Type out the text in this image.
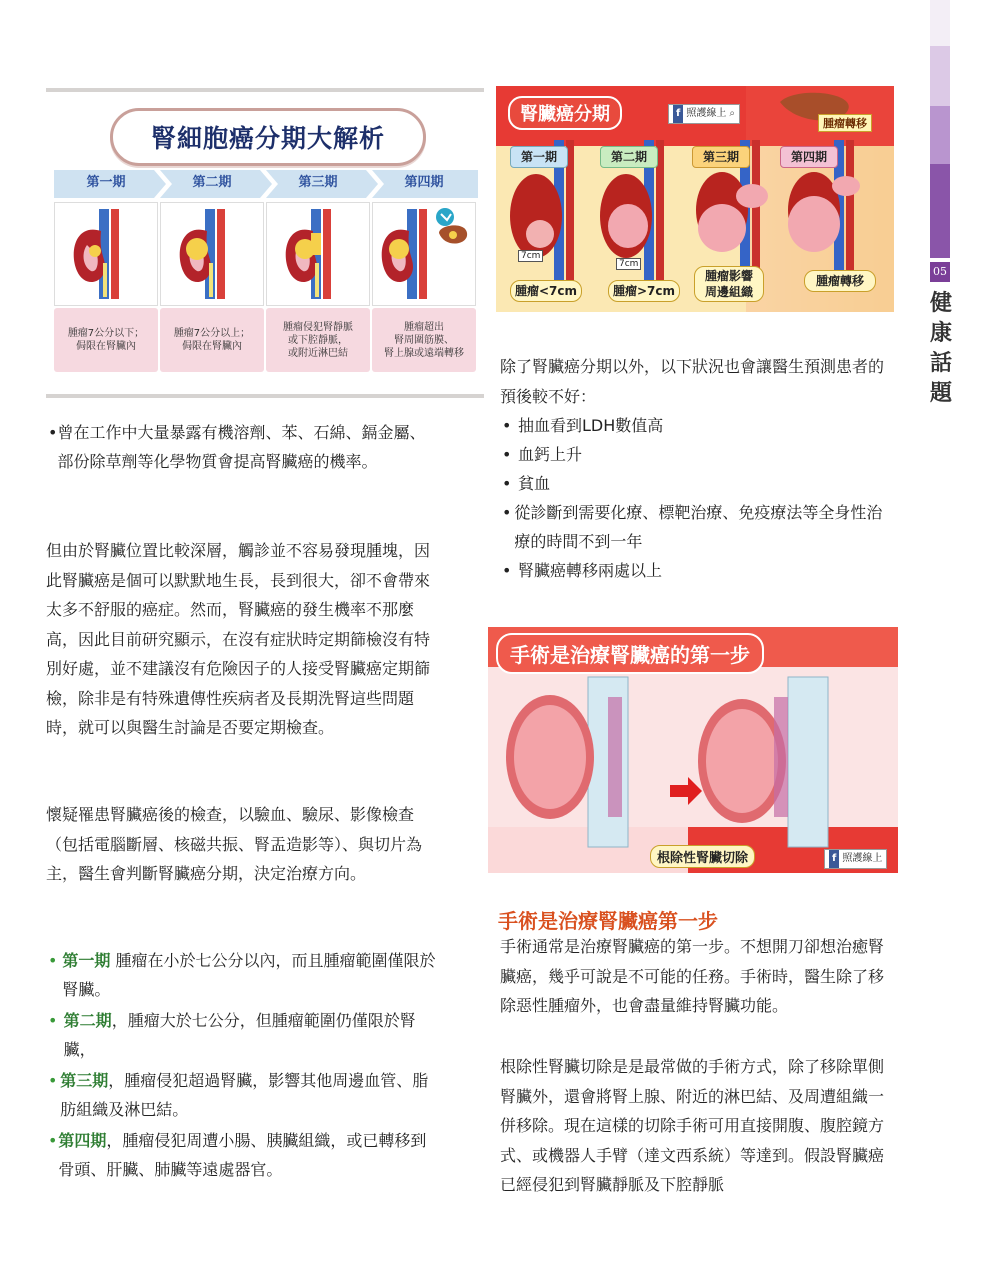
05
健
康
話
題
腎細胞癌分期大解析
第一期
腫瘤7公分以下；
侷限在腎臟內
第二期
腫瘤7公分以上；
侷限在腎臟內
第三期
腫瘤侵犯腎靜脈
或下腔靜脈，
或附近淋巴結
第四期
腫瘤超出
腎周圍筋膜、
腎上腺或遠端轉移
• 曾在工作中大量暴露有機溶劑、苯、石綿、鎘金屬、部份除草劑等化學物質會提高腎臟癌的機率。
但由於腎臟位置比較深層，觸診並不容易發現腫塊，因此腎臟癌是個可以默默地生長，長到很大，卻不會帶來太多不舒服的癌症。然而，腎臟癌的發生機率不那麼高，因此目前研究顯示，在沒有症狀時定期篩檢沒有特別好處，並不建議沒有危險因子的人接受腎臟癌定期篩檢，除非是有特殊遺傳性疾病者及長期洗腎這些問題時，就可以與醫生討論是否要定期檢查。
懷疑罹患腎臟癌後的檢查，以驗血、驗尿、影像檢查（包括電腦斷層、核磁共振、腎盂造影等）、與切片為主，醫生會判斷腎臟癌分期，決定治療方向。
• 第一期 腫瘤在小於七公分以內，而且腫瘤範圍僅限於腎臟。
• 第二期，腫瘤大於七公分，但腫瘤範圍仍僅限於腎臟，
• 第三期，腫瘤侵犯超過腎臟，影響其他周邊血管、脂肪組織及淋巴結。
• 第四期，腫瘤侵犯周遭小腸、胰臟組織，或已轉移到骨頭、肝臟、肺臟等遠處器官。
腎臟癌分期	f 照護線上 ⌕
腫瘤轉移
第一期	第二期	第三期	第四期
7cm
7cm
腫瘤<7cm	腫瘤>7cm
腫瘤影響
周邊組織
腫瘤轉移
除了腎臟癌分期以外，以下狀況也會讓醫生預測患者的預後較不好：
• 抽血看到LDH數值高
• 血鈣上升
• 貧血
• 從診斷到需要化療、標靶治療、免疫療法等全身性治療的時間不到一年
• 腎臟癌轉移兩處以上
手術是治療腎臟癌的第一步
根除性腎臟切除	f 照護線上
手術是治療腎臟癌第一步
手術通常是治療腎臟癌的第一步。不想開刀卻想治癒腎臟癌，幾乎可說是不可能的任務。手術時，醫生除了移除惡性腫瘤外，也會盡量維持腎臟功能。
根除性腎臟切除是是最常做的手術方式，除了移除單側腎臟外，還會將腎上腺、附近的淋巴結、及周遭組織一併移除。現在這樣的切除手術可用直接開腹、腹腔鏡方式、或機器人手臂（達文西系統）等達到。假設腎臟癌已經侵犯到腎臟靜脈及下腔靜脈
